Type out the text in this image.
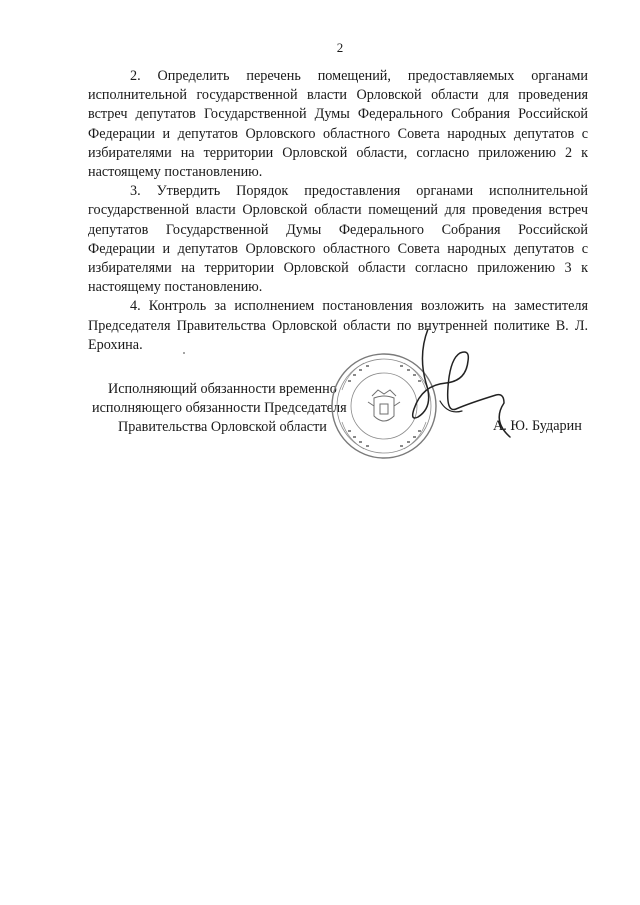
2

2. Определить перечень помещений, предоставляемых органами исполнительной государственной власти Орловской области для проведения встреч депутатов Государственной Думы Федерального Собрания Российской Федерации и депутатов Орловского областного Совета народных депутатов с избирателями на территории Орловской области, согласно приложению 2 к настоящему постановлению.

3. Утвердить Порядок предоставления органами исполнительной государственной власти Орловской области помещений для проведения встреч депутатов Государственной Думы Федерального Собрания Российской Федерации и депутатов Орловского областного Совета народных депутатов с избирателями на территории Орловской области согласно приложению 3 к настоящему постановлению.

4. Контроль за исполнением постановления возложить на заместителя Председателя Правительства Орловской области по внутренней политике В. Л. Ерохина.

Исполняющий обязанности временно
исполняющего обязанности Председателя
Правительства Орловской области	А. Ю. Бударин
